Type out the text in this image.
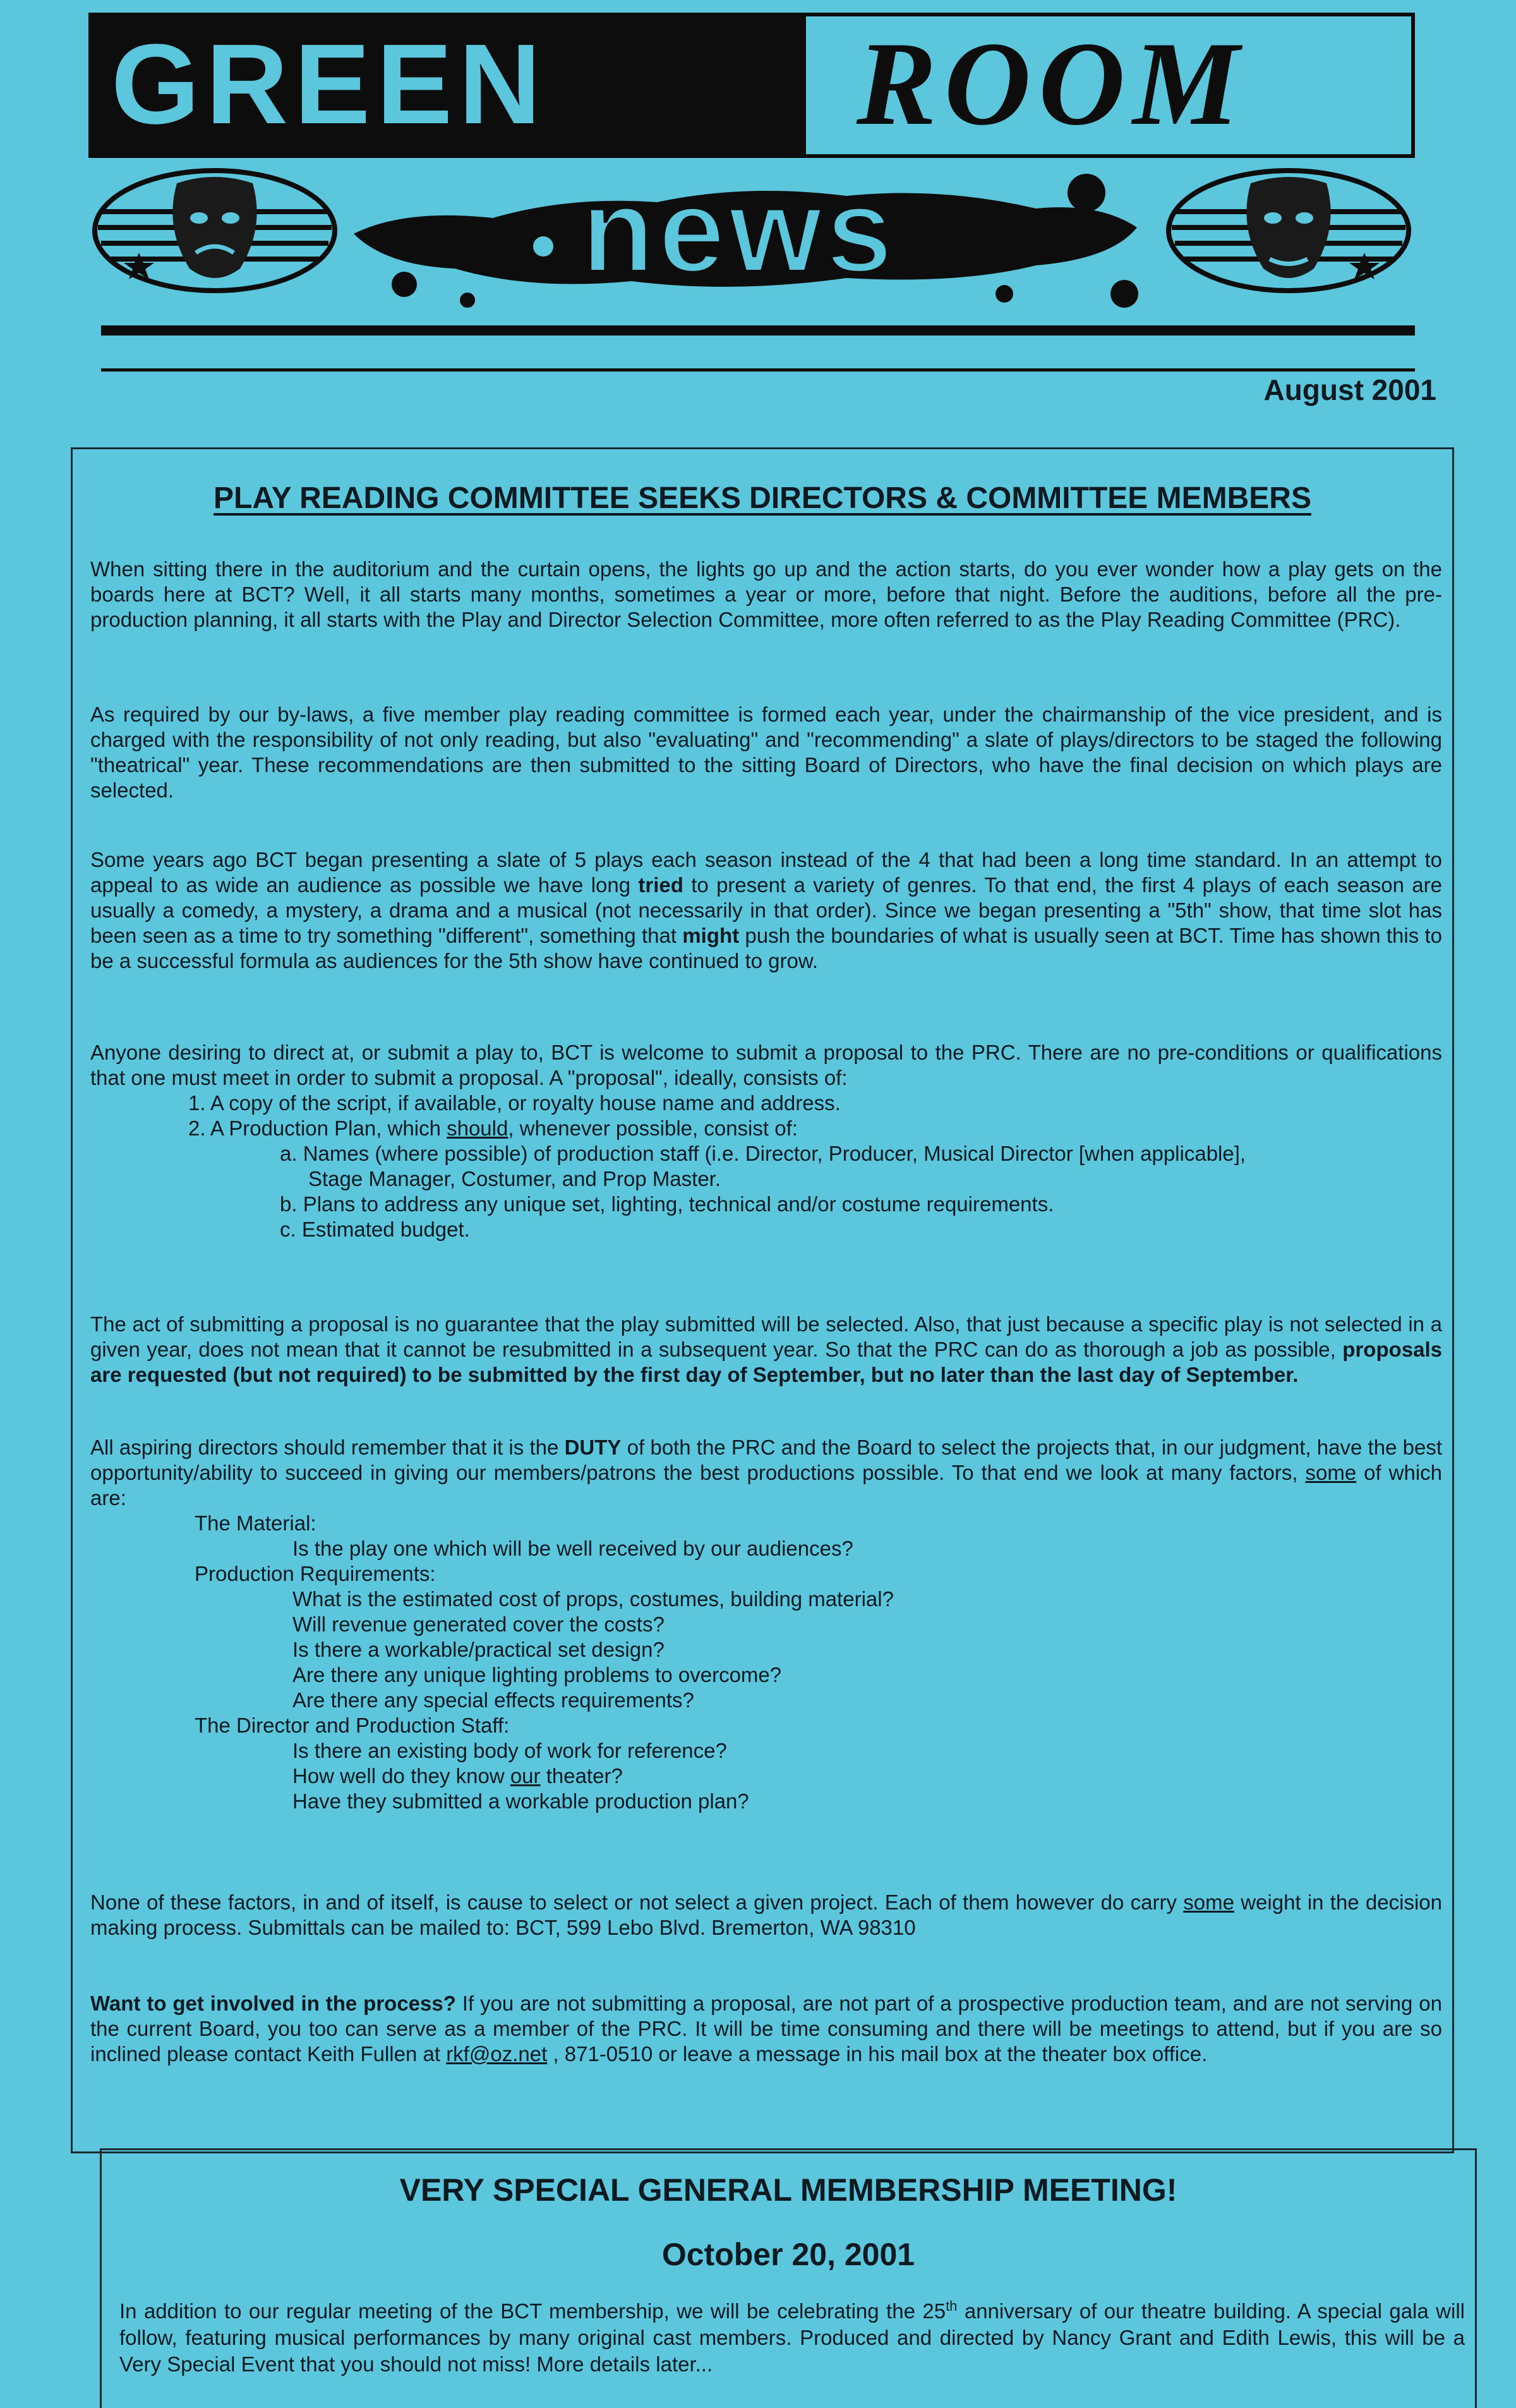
GREEN	ROOM
news
August 2001
PLAY READING COMMITTEE SEEKS DIRECTORS & COMMITTEE MEMBERS

When sitting there in the auditorium and the curtain opens, the lights go up and the action starts, do you ever wonder how a play gets on the boards here at BCT? Well, it all starts many months, sometimes a year or more, before that night. Before the auditions, before all the pre-production planning, it all starts with the Play and Director Selection Committee, more often referred to as the Play Reading Committee (PRC).

As required by our by-laws, a five member play reading committee is formed each year, under the chairmanship of the vice president, and is charged with the responsibility of not only reading, but also "evaluating" and "recommending" a slate of plays/directors to be staged the following "theatrical" year. These recommendations are then submitted to the sitting Board of Directors, who have the final decision on which plays are selected.

Some years ago BCT began presenting a slate of 5 plays each season instead of the 4 that had been a long time standard. In an attempt to appeal to as wide an audience as possible we have long tried to present a variety of genres. To that end, the first 4 plays of each season are usually a comedy, a mystery, a drama and a musical (not necessarily in that order). Since we began presenting a "5th" show, that time slot has been seen as a time to try something "different", something that might push the boundaries of what is usually seen at BCT. Time has shown this to be a successful formula as audiences for the 5th show have continued to grow.

Anyone desiring to direct at, or submit a play to, BCT is welcome to submit a proposal to the PRC. There are no pre-conditions or qualifications that one must meet in order to submit a proposal. A "proposal", ideally, consists of:

1. A copy of the script, if available, or royalty house name and address.

2. A Production Plan, which should, whenever possible, consist of:

a. Names (where possible) of production staff (i.e. Director, Producer, Musical Director [when applicable],

Stage Manager, Costumer, and Prop Master.

b. Plans to address any unique set, lighting, technical and/or costume requirements.

c. Estimated budget.

The act of submitting a proposal is no guarantee that the play submitted will be selected. Also, that just because a specific play is not selected in a given year, does not mean that it cannot be resubmitted in a subsequent year. So that the PRC can do as thorough a job as possible, proposals are requested (but not required) to be submitted by the first day of September, but no later than the last day of September.

All aspiring directors should remember that it is the DUTY of both the PRC and the Board to select the projects that, in our judgment, have the best opportunity/ability to succeed in giving our members/patrons the best productions possible. To that end we look at many factors, some of which are:

The Material:

Is the play one which will be well received by our audiences?

Production Requirements:

What is the estimated cost of props, costumes, building material?

Will revenue generated cover the costs?

Is there a workable/practical set design?

Are there any unique lighting problems to overcome?

Are there any special effects requirements?

The Director and Production Staff:

Is there an existing body of work for reference?

How well do they know our theater?

Have they submitted a workable production plan?

None of these factors, in and of itself, is cause to select or not select a given project. Each of them however do carry some weight in the decision making process. Submittals can be mailed to: BCT, 599 Lebo Blvd. Bremerton, WA 98310

Want to get involved in the process? If you are not submitting a proposal, are not part of a prospective production team, and are not serving on the current Board, you too can serve as a member of the PRC. It will be time consuming and there will be meetings to attend, but if you are so inclined please contact Keith Fullen at rkf@oz.net , 871-0510 or leave a message in his mail box at the theater box office.

VERY SPECIAL GENERAL MEMBERSHIP MEETING!
October 20, 2001
In addition to our regular meeting of the BCT membership, we will be celebrating the 25th anniversary of our theatre building. A special gala will follow, featuring musical performances by many original cast members. Produced and directed by Nancy Grant and Edith Lewis, this will be a Very Special Event that you should not miss! More details later...
